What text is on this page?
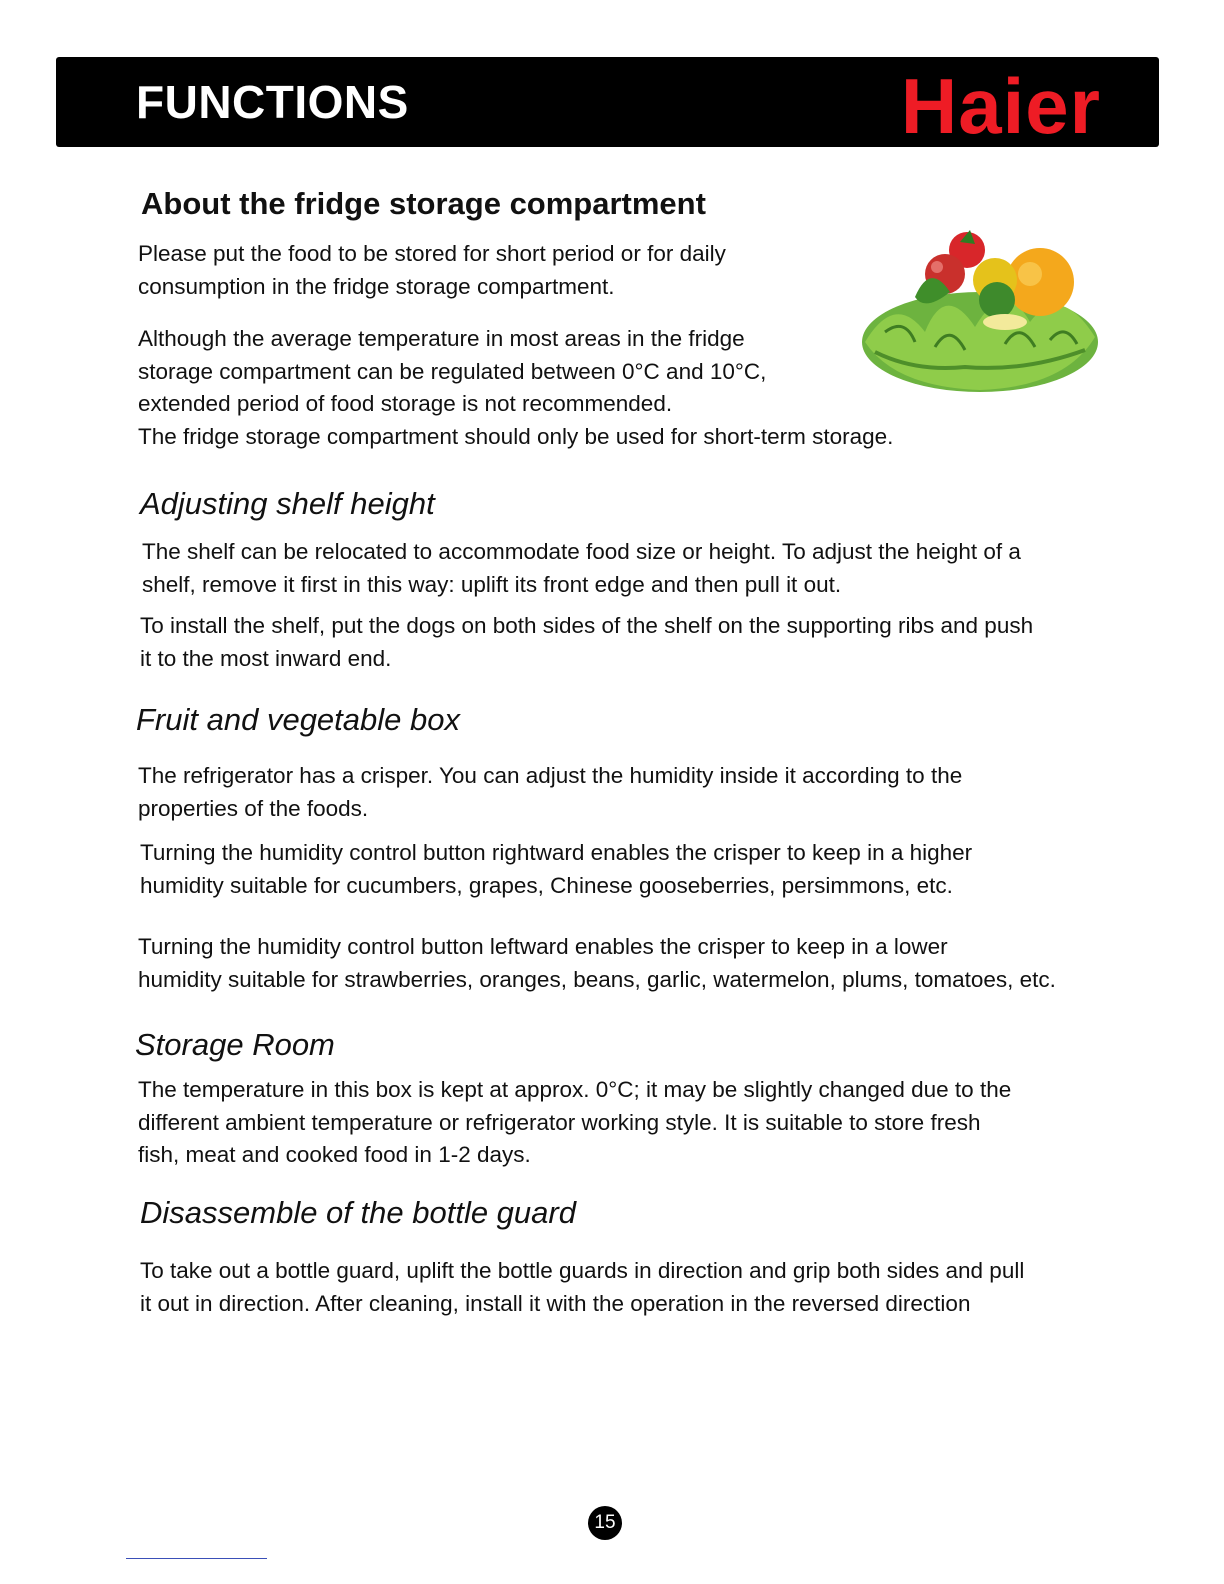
FUNCTIONS	Haier
About the fridge storage compartment

Please put the food to be stored for short period or for daily
consumption in the fridge storage compartment.

Although the average temperature in most areas in the fridge
storage compartment can be regulated between 0°C and 10°C,
extended period of food storage is not recommended.
The fridge storage compartment should only be used for short-term storage.

Adjusting shelf height

The shelf can be relocated to accommodate food size or height. To adjust the height of a
shelf, remove it first in this way: uplift its front edge and then pull it out.

To install the shelf, put the dogs on both sides of the shelf on the supporting ribs and push
it to the most inward end.

Fruit and vegetable box

The refrigerator has a crisper. You can adjust the humidity inside it according to the
properties of the foods.

Turning the humidity control button rightward enables the crisper to keep in a higher
humidity suitable for cucumbers, grapes, Chinese gooseberries, persimmons, etc.

Turning the humidity control button leftward enables the crisper to keep in a lower
humidity suitable for strawberries, oranges, beans, garlic, watermelon, plums, tomatoes, etc.

Storage Room

The temperature in this box is kept at approx. 0°C; it may be slightly changed due to the
different ambient temperature or refrigerator working style. It is suitable to store fresh
fish, meat and cooked food in 1-2 days.

Disassemble of the bottle guard

To take out a bottle guard, uplift the bottle guards in direction and grip both sides and pull
it out in direction. After cleaning, install it with the operation in the reversed direction

15
